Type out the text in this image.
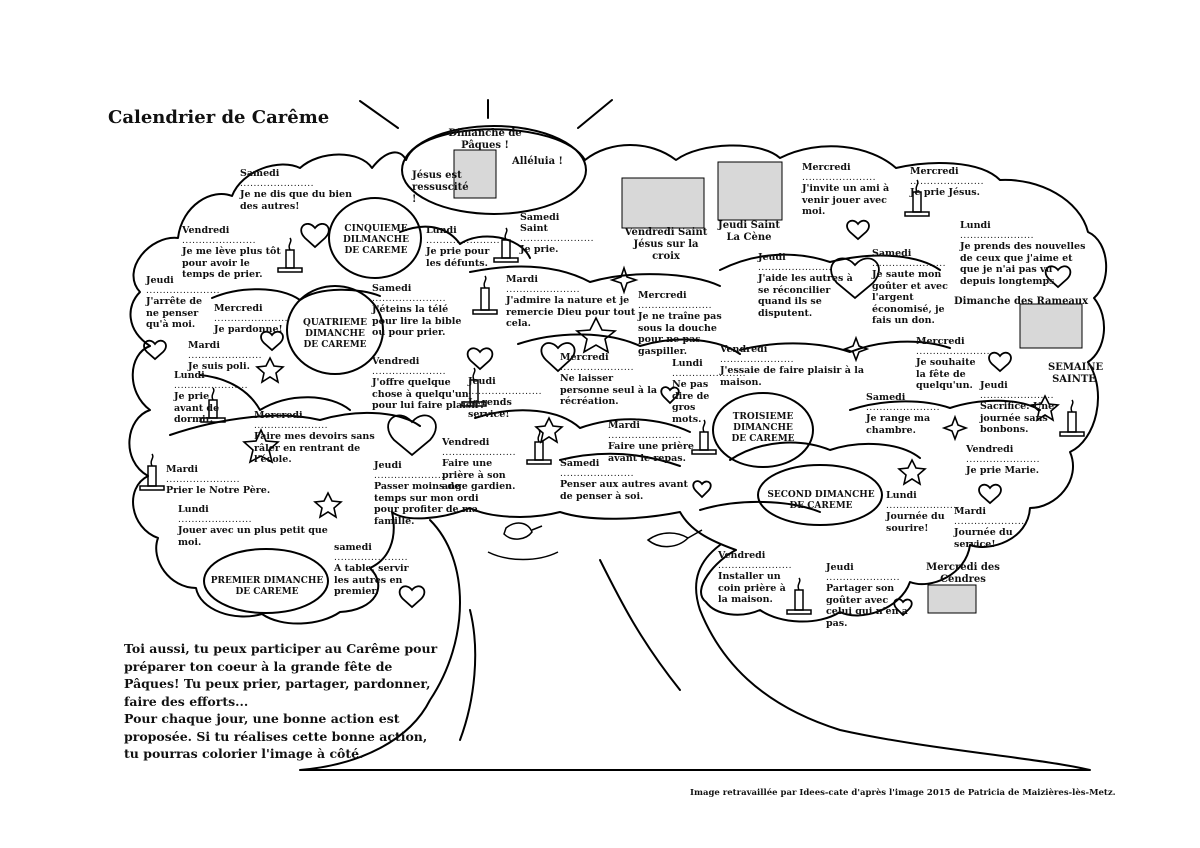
Calendrier de Carême
Dimanche de Pâques !
Alléluia !
Jésus est ressuscité !
Samedi
......................
Je ne dis que du bien des autres!
Vendredi
......................
Je me lève plus tôt pour avoir le temps de prier.
Jeudi
......................
J'arrête de ne penser qu'à moi.
Mercredi
......................
Je pardonne!
Mardi
......................
Je suis poli.
Lundi
......................
Je prie avant de dormir.
Lundi
......................
Je prie pour les défunts.
Samedi Saint
......................
Je prie.
Samedi
......................
J'éteins la télé pour lire la bible ou pour prier.
Mardi
......................
J'admire la nature et je remercie Dieu pour tout cela.
Mercredi
......................
Je ne traîne pas sous la douche pour ne pas gaspiller.
Vendredi
......................
J'offre quelque chose à quelqu'un pour lui faire plaisir!
Mercredi
......................
Ne laisser personne seul à la récréation.
Jeudi
......................
Je rends service!
Lundi
......................
Ne pas dire de gros mots.
Mercredi
......................
Faire mes devoirs sans râler en rentrant de l'école.
Vendredi
......................
Faire une prière à son ange gardien.
Mardi
......................
Faire une prière avant le repas.
Jeudi
......................
Passer moins de temps sur mon ordi pour profiter de ma famille.
Samedi
......................
Penser aux autres avant de penser à soi.
Mardi
......................
Prier le Notre Père.
Lundi
......................
Jouer avec un plus petit que moi.	samedi
......................
A table, servir les autres en premier.
Mercredi
......................
J'invite un ami à venir jouer avec moi.
Mercredi
......................
Je prie Jésus.
Lundi
......................
Je prends des nouvelles de ceux que j'aime et que je n'ai pas vu depuis longtemps
Jeudi
......................
J'aide les autres à se réconcilier quand ils se disputent.
Samedi
......................
Je saute mon goûter et avec l'argent économisé, je fais un don.
Vendredi
......................
J'essaie de faire plaisir à la maison.
Mercredi
......................
Je souhaite la fête de quelqu'un. Jeudi
......................
Sacrifice: Une journée sans bonbons.
Samedi
......................
Je range ma chambre.
Vendredi
......................
Je prie Marie.
Lundi
......................
Journée du sourire!
Mardi
......................
Journée du service!
Vendredi
......................
Installer un coin prière à la maison.
Jeudi
......................
Partager son goûter avec celui qui n'en a pas.
CINQUIEME DILMANCHE DE CAREME
QUATRIEME DIMANCHE DE CAREME
TROISIEME DIMANCHE DE CAREME
SECOND DIMANCHE DE CAREME
PREMIER DIMANCHE DE CAREME
Vendredi Saint
Jésus sur la croix
Jeudi Saint
La Cène
Dimanche des Rameaux
SEMAINE SAINTE
Mercredi des Cendres
Toi aussi, tu peux participer au Carême pour préparer ton coeur à la grande fête de Pâques! Tu peux prier, partager, pardonner, faire des efforts...
Pour chaque jour, une bonne action est proposée. Si tu réalises cette bonne action, tu pourras colorier l'image à côté.
Image retravaillée par Idees-cate d'après l'image 2015 de Patricia de Maizières-lès-Metz.
